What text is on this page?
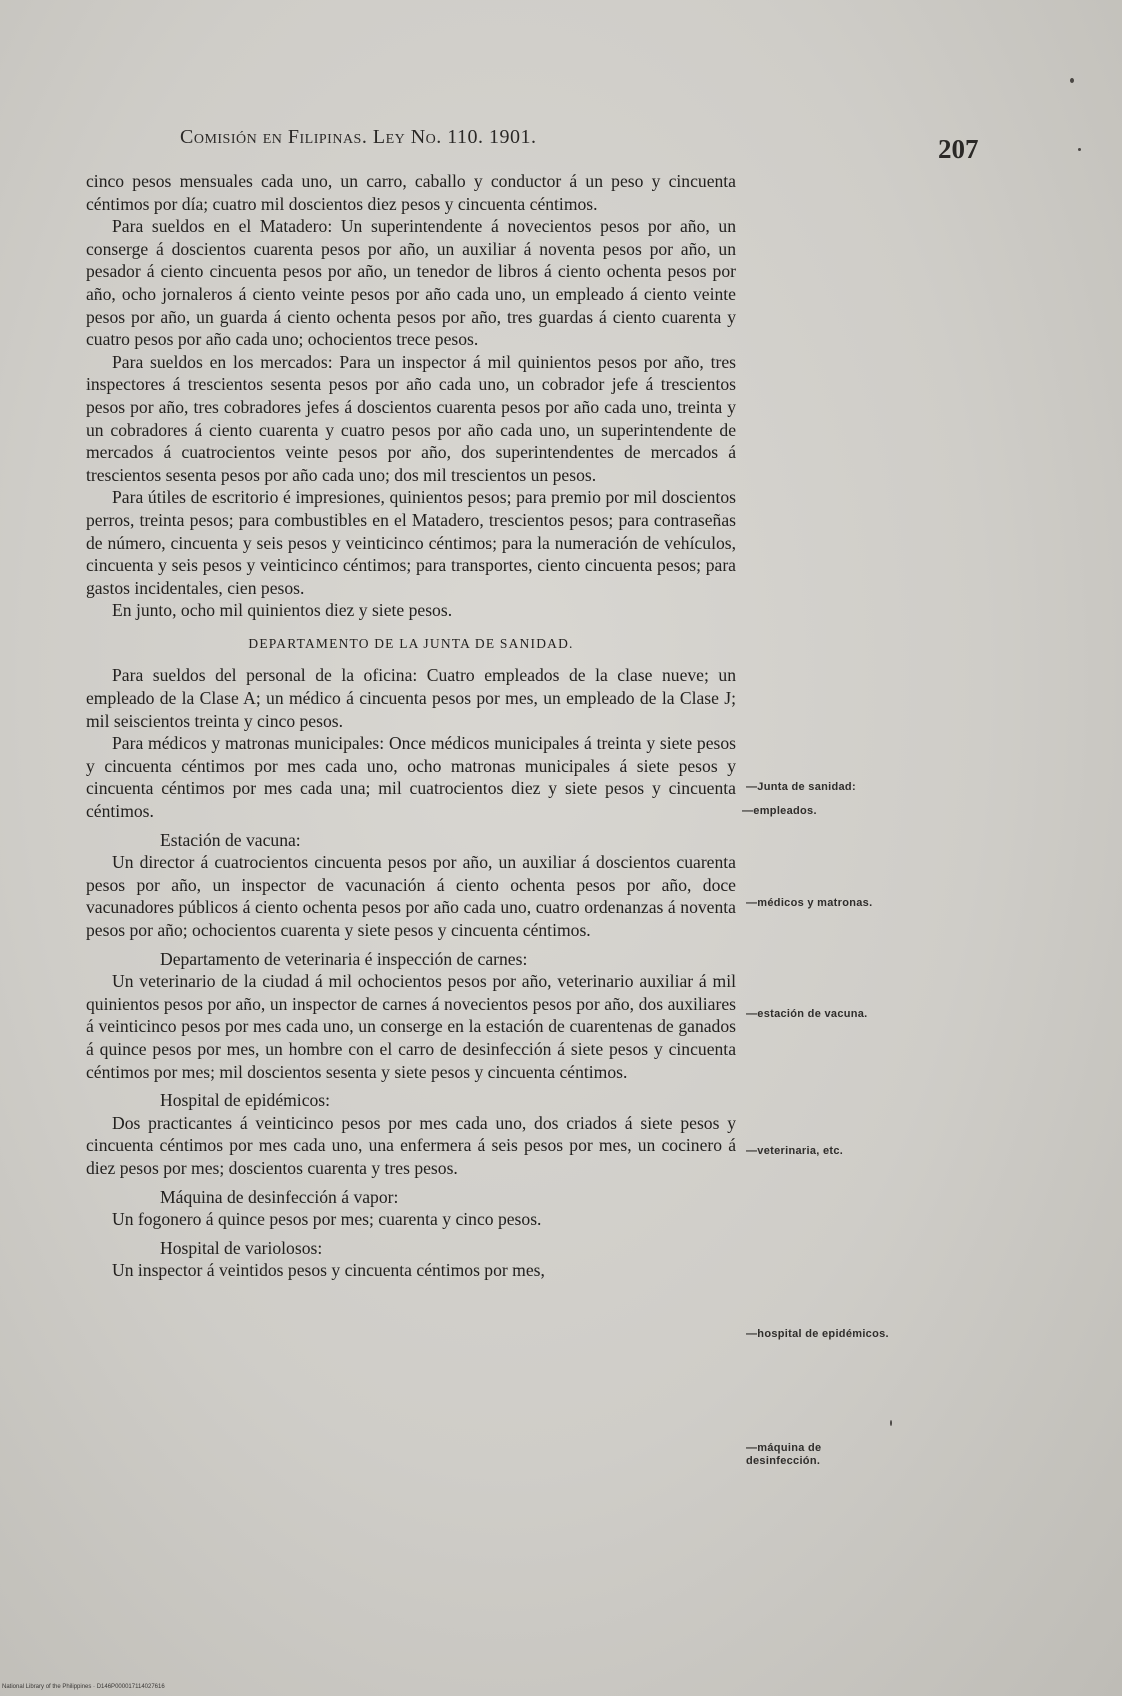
Comisión en Filipinas. Ley No. 110. 1901.	207

cinco pesos mensuales cada uno, un carro, caballo y conductor á un peso y cincuenta céntimos por día; cuatro mil doscientos diez pesos y cincuenta céntimos.

Para sueldos en el Matadero: Un superintendente á novecientos pesos por año, un conserge á doscientos cuarenta pesos por año, un auxiliar á noventa pesos por año, un pesador á ciento cincuenta pesos por año, un tenedor de libros á ciento ochenta pesos por año, ocho jornaleros á ciento veinte pesos por año cada uno, un empleado á ciento veinte pesos por año, un guarda á ciento ochenta pesos por año, tres guardas á ciento cuarenta y cuatro pesos por año cada uno; ochocientos trece pesos.

Para sueldos en los mercados: Para un inspector á mil quinientos pesos por año, tres inspectores á trescientos sesenta pesos por año cada uno, un cobrador jefe á trescientos pesos por año, tres cobradores jefes á doscientos cuarenta pesos por año cada uno, treinta y un cobradores á ciento cuarenta y cuatro pesos por año cada uno, un superintendente de mercados á cuatrocientos veinte pesos por año, dos superintendentes de mercados á trescientos sesenta pesos por año cada uno; dos mil trescientos un pesos.

Para útiles de escritorio é impresiones, quinientos pesos; para premio por mil doscientos perros, treinta pesos; para combustibles en el Matadero, trescientos pesos; para contraseñas de número, cincuenta y seis pesos y veinticinco céntimos; para la numeración de vehículos, cincuenta y seis pesos y veinticinco céntimos; para transportes, ciento cincuenta pesos; para gastos incidentales, cien pesos.

En junto, ocho mil quinientos diez y siete pesos.

DEPARTAMENTO DE LA JUNTA DE SANIDAD.

Para sueldos del personal de la oficina: Cuatro empleados de la clase nueve; un empleado de la Clase A; un médico á cincuenta pesos por mes, un empleado de la Clase J; mil seiscientos treinta y cinco pesos.

Para médicos y matronas municipales: Once médicos municipales á treinta y siete pesos y cincuenta céntimos por mes cada uno, ocho matronas municipales á siete pesos y cincuenta céntimos por mes cada una; mil cuatrocientos diez y siete pesos y cincuenta céntimos.

Estación de vacuna:

Un director á cuatrocientos cincuenta pesos por año, un auxiliar á doscientos cuarenta pesos por año, un inspector de vacunación á ciento ochenta pesos por año, doce vacunadores públicos á ciento ochenta pesos por año cada uno, cuatro ordenanzas á noventa pesos por año; ochocientos cuarenta y siete pesos y cincuenta céntimos.

Departamento de veterinaria é inspección de carnes:

Un veterinario de la ciudad á mil ochocientos pesos por año, veterinario auxiliar á mil quinientos pesos por año, un inspector de carnes á novecientos pesos por año, dos auxiliares á veinticinco pesos por mes cada uno, un conserge en la estación de cuarentenas de ganados á quince pesos por mes, un hombre con el carro de desinfección á siete pesos y cincuenta céntimos por mes; mil doscientos sesenta y siete pesos y cincuenta céntimos.

Hospital de epidémicos:

Dos practicantes á veinticinco pesos por mes cada uno, dos criados á siete pesos y cincuenta céntimos por mes cada uno, una enfermera á seis pesos por mes, un cocinero á diez pesos por mes; doscientos cuarenta y tres pesos.

Máquina de desinfección á vapor:

Un fogonero á quince pesos por mes; cuarenta y cinco pesos.

Hospital de variolosos:

Un inspector á veintidos pesos y cincuenta céntimos por mes,

—Junta de sanidad:
—empleados.
—médicos y matronas.
—estación de vacuna.
—veterinaria, etc.
—hospital de epidémicos.
—máquina de desinfección.
National Library of the Philippines · D146P000017114027616
